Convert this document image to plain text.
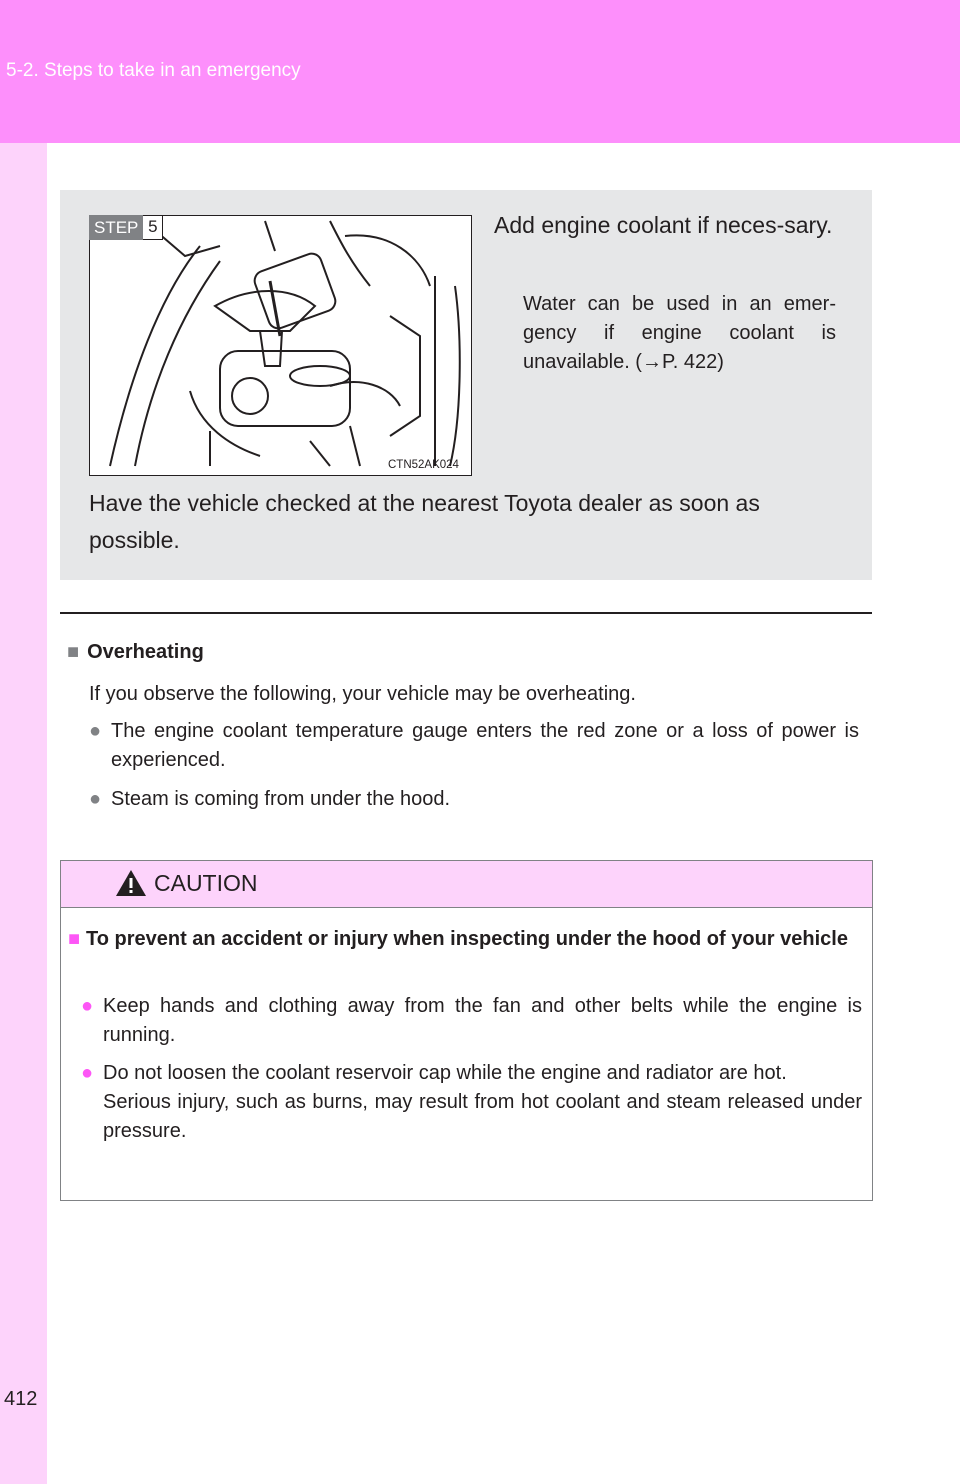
5-2. Steps to take in an emergency
STEP 5
CTN52AK024
Add engine coolant if neces-sary.
Water can be used in an emer-gency if engine coolant is unavailable. (→P. 422)
Have the vehicle checked at the nearest Toyota dealer as soon as possible.
■ Overheating
If you observe the following, your vehicle may be overheating.
● The engine coolant temperature gauge enters the red zone or a loss of power is experienced.
● Steam is coming from under the hood.
CAUTION
■ To prevent an accident or injury when inspecting under the hood of your vehicle
● Keep hands and clothing away from the fan and other belts while the engine is running.
● Do not loosen the coolant reservoir cap while the engine and radiator are hot.
Serious injury, such as burns, may result from hot coolant and steam released under pressure.
412
